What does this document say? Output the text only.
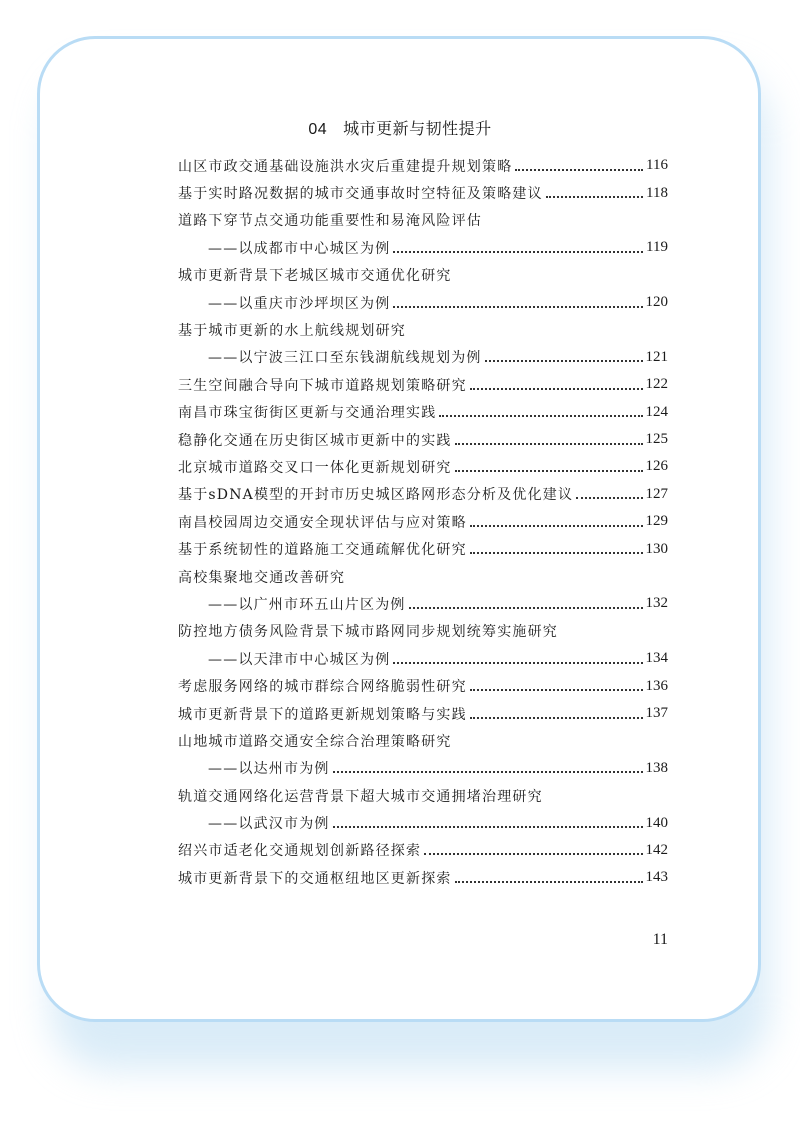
04 城市更新与韧性提升
山区市政交通基础设施洪水灾后重建提升规划策略	116
基于实时路况数据的城市交通事故时空特征及策略建议	118
道路下穿节点交通功能重要性和易淹风险评估
——以成都市中心城区为例	119
城市更新背景下老城区城市交通优化研究
——以重庆市沙坪坝区为例	120
基于城市更新的水上航线规划研究
——以宁波三江口至东钱湖航线规划为例	121
三生空间融合导向下城市道路规划策略研究	122
南昌市珠宝街街区更新与交通治理实践	124
稳静化交通在历史街区城市更新中的实践	125
北京城市道路交叉口一体化更新规划研究	126
基于sDNA模型的开封市历史城区路网形态分析及优化建议	127
南昌校园周边交通安全现状评估与应对策略	129
基于系统韧性的道路施工交通疏解优化研究	130
高校集聚地交通改善研究
——以广州市环五山片区为例	132
防控地方债务风险背景下城市路网同步规划统筹实施研究
——以天津市中心城区为例	134
考虑服务网络的城市群综合网络脆弱性研究	136
城市更新背景下的道路更新规划策略与实践	137
山地城市道路交通安全综合治理策略研究
——以达州市为例	138
轨道交通网络化运营背景下超大城市交通拥堵治理研究
——以武汉市为例	140
绍兴市适老化交通规划创新路径探索	142
城市更新背景下的交通枢纽地区更新探索	143
11
